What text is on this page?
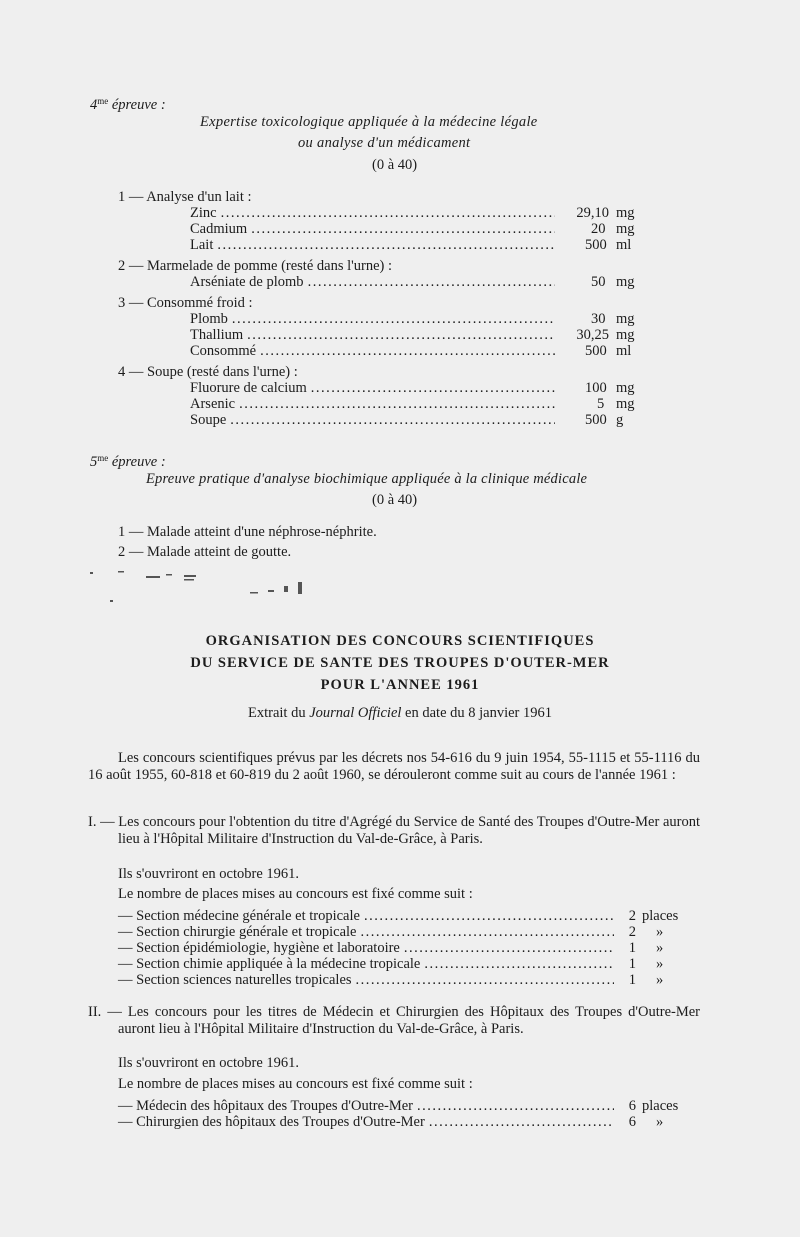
$4^{me}$ épreuve :
Expertise toxicologique appliquée à la médecine légale
ou analyse d'un médicament
(0 à 40)
1 — Analyse d'un lait :
Zinc .....	29,10 mg
Cadmium .....	20 mg
Lait .....	500 ml
2 — Marmelade de pomme (resté dans l'urne) :
Arséniate de plomb .....	50 mg
3 — Consommé froid :
Plomb .....	30 mg
Thallium .....	30,25 mg
Consommé .....	500 ml
4 — Soupe (resté dans l'urne) :
Fluorure de calcium .....	100 mg
Arsenic .....	5 mg
Soupe .....	500 g
$5^{me}$ épreuve :
Epreuve pratique d'analyse biochimique appliquée à la clinique médicale
(0 à 40)
1 — Malade atteint d'une néphrose-néphrite.
2 — Malade atteint de goutte.
ORGANISATION DES CONCOURS SCIENTIFIQUES
DU SERVICE DE SANTE DES TROUPES D'OUTER-MER
POUR L'ANNEE 1961
Extrait du Journal Officiel en date du 8 janvier 1961
Les concours scientifiques prévus par les décrets nos 54-616 du 9 juin 1954, 55-1115 et 55-1116 du 16 août 1955, 60-818 et 60-819 du 2 août 1960, se dérouleront comme suit au cours de l'année 1961 :
I. — Les concours pour l'obtention du titre d'Agrégé du Service de Santé des Troupes d'Outre-Mer auront lieu à l'Hôpital Militaire d'Instruction du Val-de-Grâce, à Paris.
Ils s'ouvriront en octobre 1961.
Le nombre de places mises au concours est fixé comme suit :
— Section médecine générale et tropicale .....	2 places
— Section chirurgie générale et tropicale .....	2	»
— Section épidémiologie, hygiène et laboratoire .....	1	»
— Section chimie appliquée à la médecine tropicale .....	1	»
— Section sciences naturelles tropicales .....	1	»
II. — Les concours pour les titres de Médecin et Chirurgien des Hôpitaux des Troupes d'Outre-Mer auront lieu à l'Hôpital Militaire d'Instruction du Val-de-Grâce, à Paris.
Ils s'ouvriront en octobre 1961.
Le nombre de places mises au concours est fixé comme suit :
— Médecin des hôpitaux des Troupes d'Outre-Mer .....	6 places
— Chirurgien des hôpitaux des Troupes d'Outre-Mer .....	6	»
